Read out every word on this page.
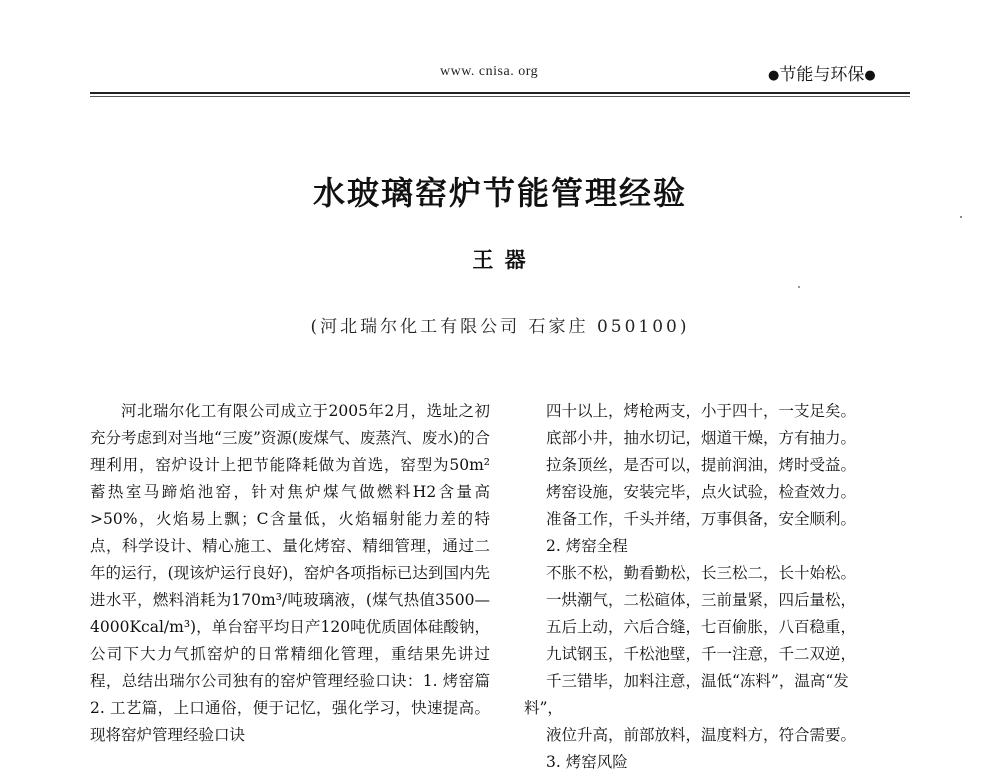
www. cnisa. org	●节能与环保●
水玻璃窑炉节能管理经验
王 器
(河北瑞尔化工有限公司 石家庄 050100)

河北瑞尔化工有限公司成立于2005年2月，选址之初充分考虑到对当地“三废”资源(废煤气、废蒸汽、废水)的合理利用，窑炉设计上把节能降耗做为首选，窑型为50m² 蓄热室马蹄焰池窑，针对焦炉煤气做燃料H2含量高>50%，火焰易上飘；C含量低，火焰辐射能力差的特点，科学设计、精心施工、量化烤窑、精细管理，通过二年的运行，(现该炉运行良好)，窑炉各项指标已达到国内先进水平，燃料消耗为170m³/吨玻璃液，(煤气热值3500—4000Kcal/m³)，单台窑平均日产120吨优质固体硅酸钠，公司下大力气抓窑炉的日常精细化管理，重结果先讲过程，总结出瑞尔公司独有的窑炉管理经验口诀：1. 烤窑篇2. 工艺篇，上口通俗，便于记忆，强化学习，快速提高。现将窑炉管理经验口诀

四十以上，烤枪两支，小于四十，一支足矣。

底部小井，抽水切记，烟道干燥，方有抽力。

拉条顶丝，是否可以，提前润油，烤时受益。

烤窑设施，安装完毕，点火试验，检查效力。

准备工作，千头并绪，万事俱备，安全顺利。

2. 烤窑全程

不胀不松，勤看勤松，长三松二，长十始松。

一烘潮气，二松碹体，三前量紧，四后量松，

五后上动，六后合缝，七百偷胀，八百稳重，

九试钢玉，千松池壁，千一注意，千二双逆，

千三错毕，加料注意，温低“冻料”，温高“发

料”，

液位升高，前部放料，温度料方，符合需要。

3. 烤窑风险
